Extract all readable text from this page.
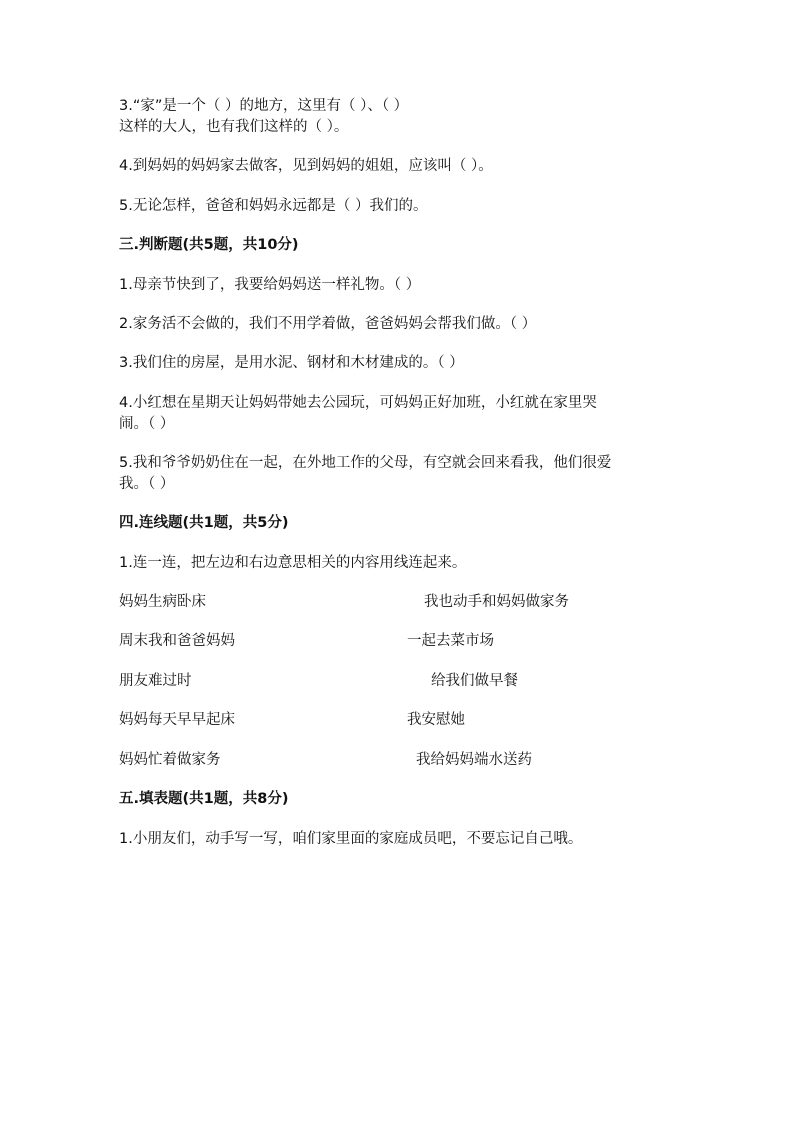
3.“家”是一个（ ）的地方，这里有（ ）、（ ）
这样的大人，也有我们这样的（ ）。
4.到妈妈的妈妈家去做客，见到妈妈的姐姐，应该叫（ ）。
5.无论怎样，爸爸和妈妈永远都是（ ）我们的。
三.判断题(共5题，共10分)
1.母亲节快到了，我要给妈妈送一样礼物。（ ）
2.家务活不会做的，我们不用学着做，爸爸妈妈会帮我们做。（ ）
3.我们住的房屋，是用水泥、钢材和木材建成的。（ ）
4.小红想在星期天让妈妈带她去公园玩，可妈妈正好加班，小红就在家里哭
闹。（ ）
5.我和爷爷奶奶住在一起，在外地工作的父母，有空就会回来看我，他们很爱
我。（ ）
四.连线题(共1题，共5分)
1.连一连，把左边和右边意思相关的内容用线连起来。
妈妈生病卧床	我也动手和妈妈做家务
周末我和爸爸妈妈	一起去菜市场
朋友难过时	给我们做早餐
妈妈每天早早起床	我安慰她
妈妈忙着做家务	我给妈妈端水送药
五.填表题(共1题，共8分)
1.小朋友们，动手写一写，咱们家里面的家庭成员吧，不要忘记自己哦。
